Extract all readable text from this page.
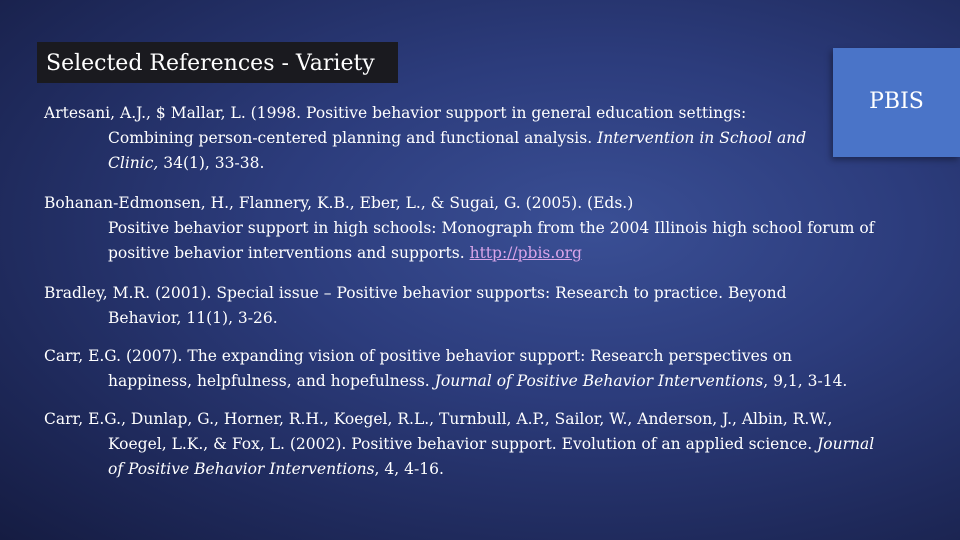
Selected References - Variety
PBIS
Artesani, A.J., $ Mallar, L. (1998. Positive behavior support in general education settings:
Combining person-centered planning and functional analysis. Intervention in School and
Clinic, 34(1), 33-38.
Bohanan-Edmonsen, H., Flannery, K.B., Eber, L., & Sugai, G. (2005). (Eds.)
Positive behavior support in high schools: Monograph from the 2004 Illinois high school forum of
positive behavior interventions and supports. http://pbis.org
Bradley, M.R. (2001). Special issue – Positive behavior supports: Research to practice. Beyond
Behavior, 11(1), 3-26.
Carr, E.G. (2007). The expanding vision of positive behavior support: Research perspectives on
happiness, helpfulness, and hopefulness. Journal of Positive Behavior Interventions, 9,1, 3-14.
Carr, E.G., Dunlap, G., Horner, R.H., Koegel, R.L., Turnbull, A.P., Sailor, W., Anderson, J., Albin, R.W.,
Koegel, L.K., & Fox, L. (2002). Positive behavior support. Evolution of an applied science. Journal
of Positive Behavior Interventions, 4, 4-16.
